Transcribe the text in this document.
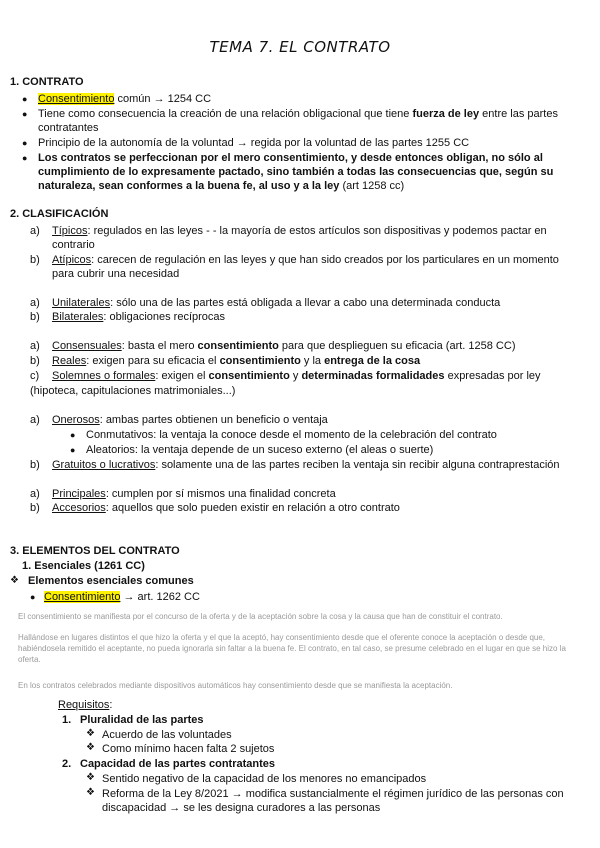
TEMA 7. EL CONTRATO
1. CONTRATO
● Consentimiento común → 1254 CC
● Tiene como consecuencia la creación de una relación obligacional que tiene fuerza de ley entre las partes
contratantes
● Principio de la autonomía de la voluntad → regida por la voluntad de las partes 1255 CC
● Los contratos se perfeccionan por el mero consentimiento, y desde entonces obligan, no sólo al
cumplimiento de lo expresamente pactado, sino también a todas las consecuencias que, según su
naturaleza, sean conformes a la buena fe, al uso y a la ley (art 1258 cc)
2. CLASIFICACIÓN
a) Típicos: regulados en las leyes - - la mayoría de estos artículos son dispositivas y podemos pactar en
contrario
b) Atípicos: carecen de regulación en las leyes y que han sido creados por los particulares en un momento
para cubrir una necesidad
a) Unilaterales: sólo una de las partes está obligada a llevar a cabo una determinada conducta
b) Bilaterales: obligaciones recíprocas
a) Consensuales: basta el mero consentimiento para que desplieguen su eficacia (art. 1258 CC)
b) Reales: exigen para su eficacia el consentimiento y la entrega de la cosa
c) Solemnes o formales: exigen el consentimiento y determinadas formalidades expresadas por ley
(hipoteca, capitulaciones matrimoniales...)
a) Onerosos: ambas partes obtienen un beneficio o ventaja
● Conmutativos: la ventaja la conoce desde el momento de la celebración del contrato
● Aleatorios: la ventaja depende de un suceso externo (el aleas o suerte)
b) Gratuitos o lucrativos: solamente una de las partes reciben la ventaja sin recibir alguna contraprestación
a) Principales: cumplen por sí mismos una finalidad concreta
b) Accesorios: aquellos que solo pueden existir en relación a otro contrato
3. ELEMENTOS DEL CONTRATO
1. Esenciales (1261 CC)
❖ Elementos esenciales comunes
● Consentimiento → art. 1262 CC
El consentimiento se manifiesta por el concurso de la oferta y de la aceptación sobre la cosa y la causa que han de constituir el contrato.
Hallándose en lugares distintos el que hizo la oferta y el que la aceptó, hay consentimiento desde que el oferente conoce la aceptación o desde que, habiéndosela remitido el aceptante, no pueda ignorarla sin faltar a la buena fe. El contrato, en tal caso, se presume celebrado en el lugar en que se hizo la oferta.
En los contratos celebrados mediante dispositivos automáticos hay consentimiento desde que se manifiesta la aceptación.
Requisitos:
1. Pluralidad de las partes
❖ Acuerdo de las voluntades
❖ Como mínimo hacen falta 2 sujetos
2. Capacidad de las partes contratantes
❖ Sentido negativo de la capacidad de los menores no emancipados
❖ Reforma de la Ley 8/2021 → modifica sustancialmente el régimen jurídico de las personas con
discapacidad → se les designa curadores a las personas
